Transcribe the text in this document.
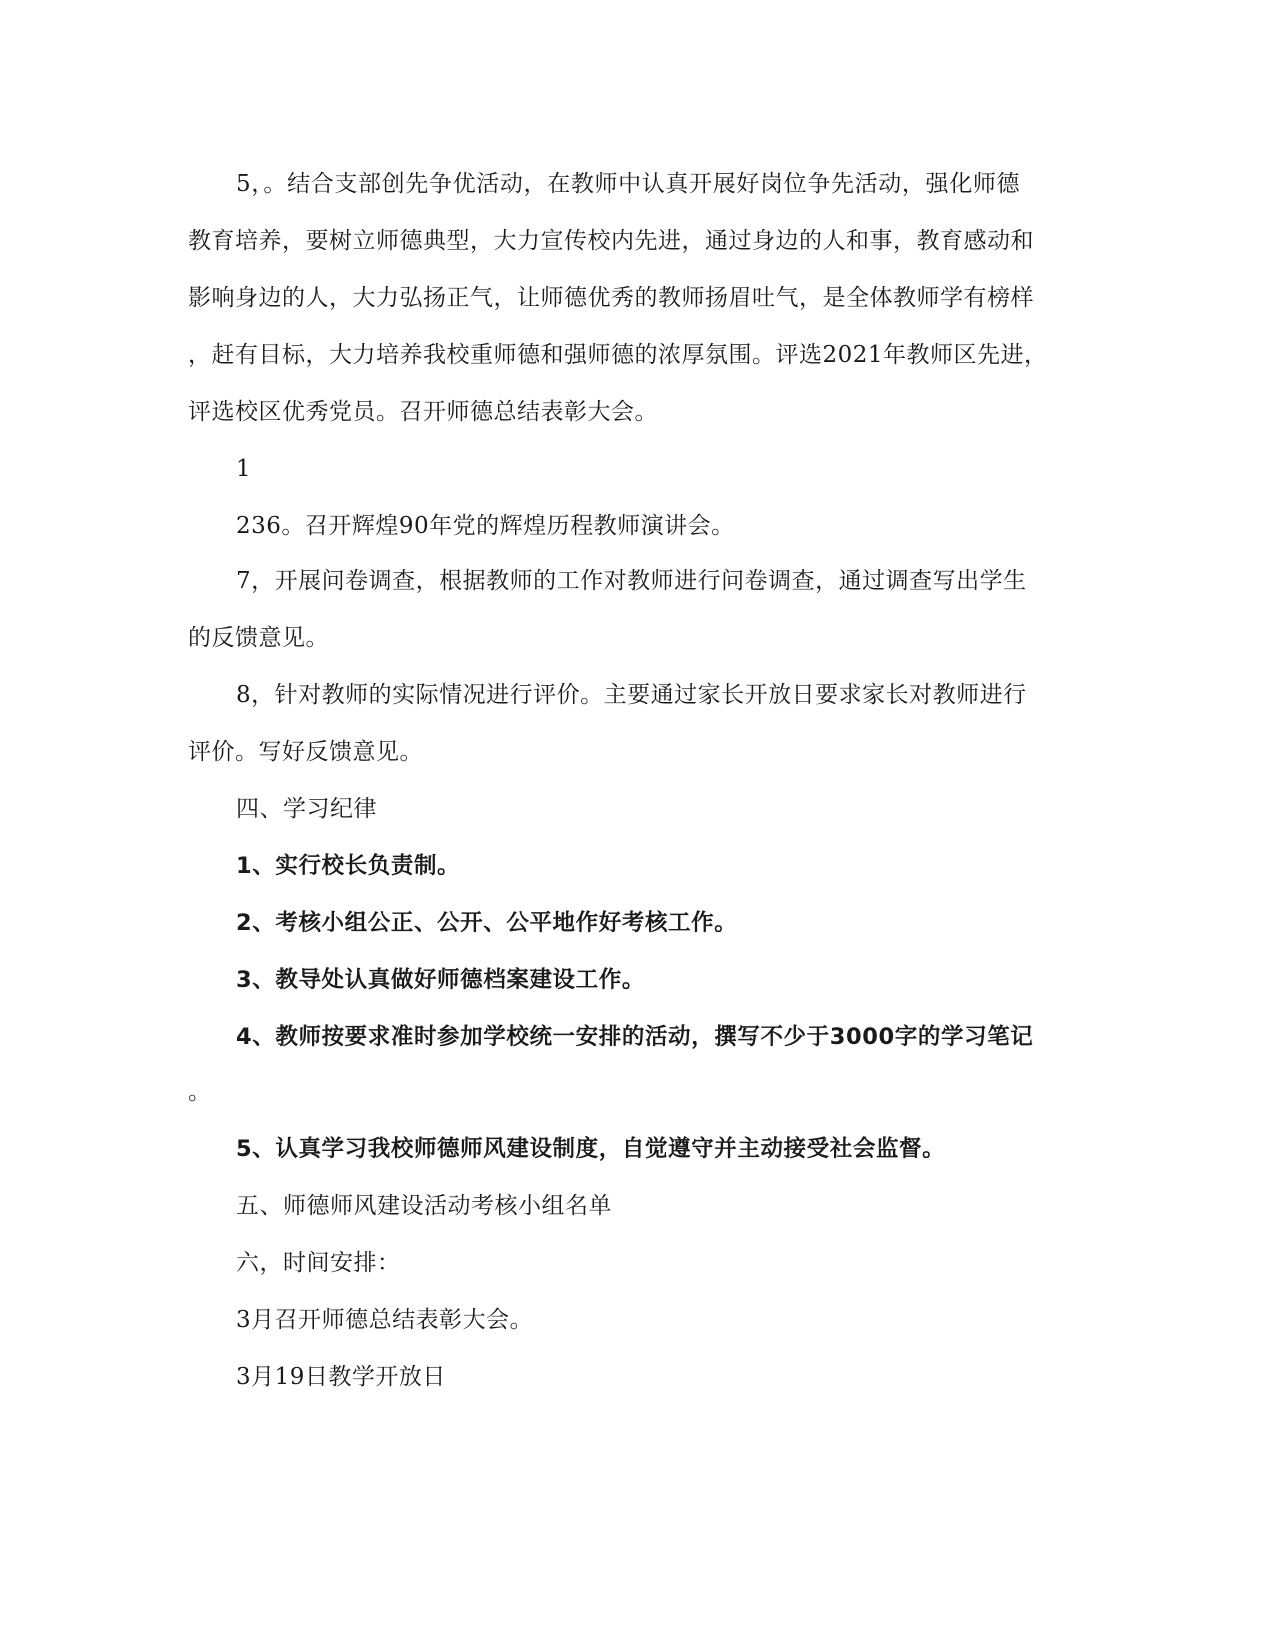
5，。结合支部创先争优活动，在教师中认真开展好岗位争先活动，强化师德
教育培养，要树立师德典型，大力宣传校内先进，通过身边的人和事，教育感动和
影响身边的人，大力弘扬正气，让师德优秀的教师扬眉吐气，是全体教师学有榜样
，赶有目标，大力培养我校重师德和强师德的浓厚氛围。评选2021年教师区先进，
评选校区优秀党员。召开师德总结表彰大会。
1
236。召开辉煌90年党的辉煌历程教师演讲会。
7，开展问卷调查，根据教师的工作对教师进行问卷调查，通过调查写出学生
的反馈意见。
8，针对教师的实际情况进行评价。主要通过家长开放日要求家长对教师进行
评价。写好反馈意见。
四、学习纪律
1、实行校长负责制。
2、考核小组公正、公开、公平地作好考核工作。
3、教导处认真做好师德档案建设工作。
4、教师按要求准时参加学校统一安排的活动，撰写不少于3000字的学习笔记
。
5、认真学习我校师德师风建设制度，自觉遵守并主动接受社会监督。
五、师德师风建设活动考核小组名单
六，时间安排：
3月召开师德总结表彰大会。
3月19日教学开放日
